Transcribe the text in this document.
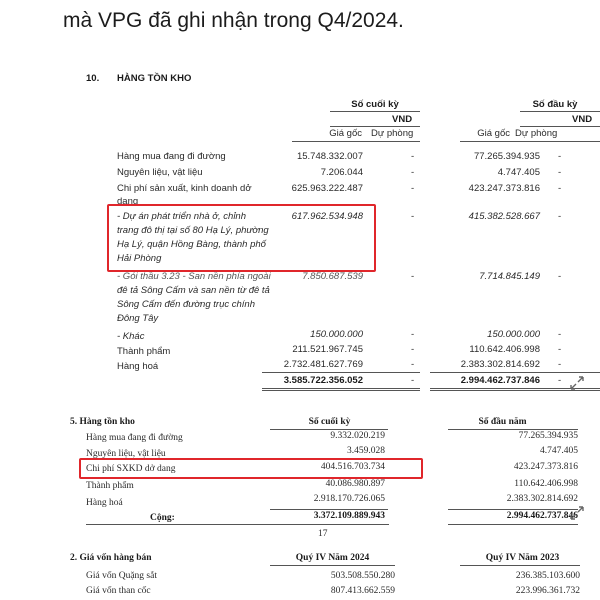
mà VPG đã ghi nhận trong Q4/2024.
10. HÀNG TỒN KHO
Số cuối kỳ	Số đầu kỳ
VND	VND
Giá gốc Dự phòng	Giá gốc Dự phòng
Hàng mua đang đi đường	15.748.332.007	-	77.265.394.935 -
Nguyên liệu, vật liệu	7.206.044	-	4.747.405 -
Chi phí sản xuất, kinh doanh dở
dang
625.963.222.487	-	423.247.373.816 -
- Dự án phát triển nhà ở, chỉnh
trang đô thị tại số 80 Hạ Lý, phường
Hạ Lý, quận Hồng Bàng, thành phố
Hải Phòng
617.962.534.948	-	415.382.528.667 -
- Gói thầu 3.23 - San nền phía ngoài
đê tả Sông Cấm và san nền từ đê tả
Sông Cấm đến đường trục chính
Đông Tây
7.850.687.539	-	7.714.845.149 -
- Khác	150.000.000	-	150.000.000 -
Thành phẩm	211.521.967.745	-	110.642.406.998 -
Hàng hoá	2.732.481.627.769	-	2.383.302.814.692 -
3.585.722.356.052	-	2.994.462.737.846 -
5. Hàng tồn kho	Số cuối kỳ	Số đầu năm
Hàng mua đang đi đường	9.332.020.219	77.265.394.935
Nguyên liệu, vật liệu	3.459.028	4.747.405
Chi phí SXKD dở dang	404.516.703.734	423.247.373.816
Thành phẩm	40.086.980.897	110.642.406.998
Hàng hoá	2.918.170.726.065	2.383.302.814.692
Cộng:	3.372.109.889.943	2.994.462.737.846
17
2. Giá vốn hàng bán	Quý IV Năm 2024	Quý IV Năm 2023
Giá vốn Quặng sắt	503.508.550.280	236.385.103.600
Giá vốn than cốc	807.413.662.559	223.996.361.732
